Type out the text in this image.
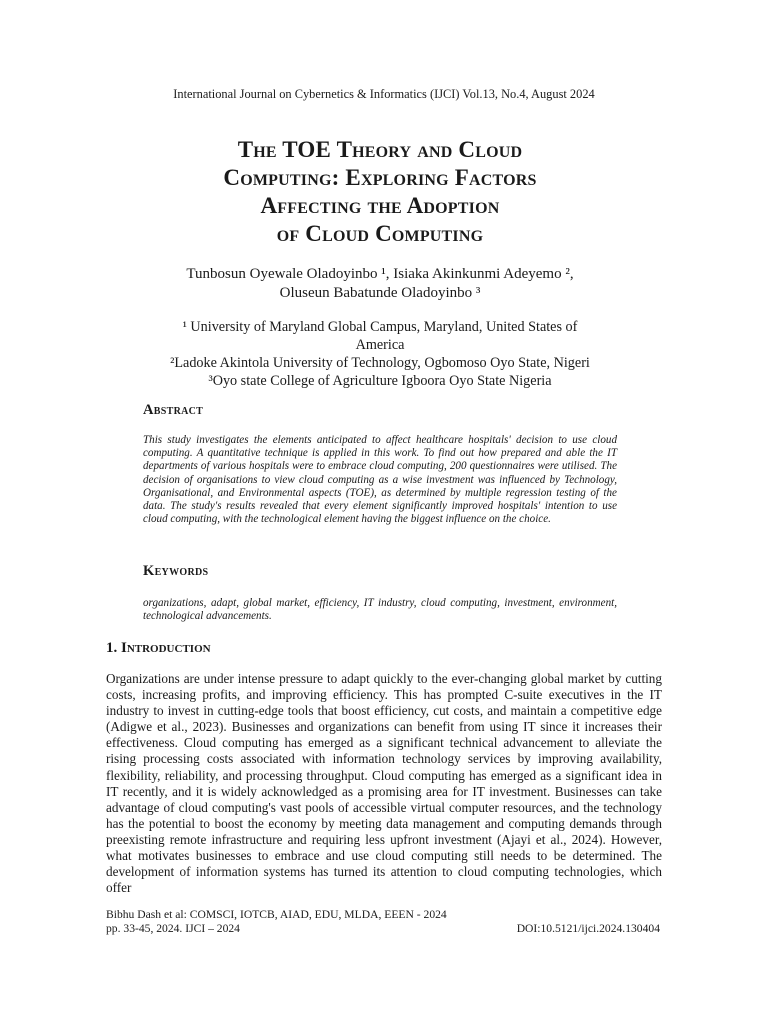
International Journal on Cybernetics & Informatics (IJCI) Vol.13, No.4, August 2024
The TOE Theory and Cloud
Computing: Exploring Factors
Affecting the Adoption
of Cloud Computing
Tunbosun Oyewale Oladoyinbo ¹, Isiaka Akinkunmi Adeyemo ²,
Oluseun Babatunde Oladoyinbo ³
¹ University of Maryland Global Campus, Maryland, United States of
America
²Ladoke Akintola University of Technology, Ogbomoso Oyo State, Nigeri
³Oyo state College of Agriculture Igboora Oyo State Nigeria
Abstract
This study investigates the elements anticipated to affect healthcare hospitals' decision to use cloud computing. A quantitative technique is applied in this work. To find out how prepared and able the IT departments of various hospitals were to embrace cloud computing, 200 questionnaires were utilised. The decision of organisations to view cloud computing as a wise investment was influenced by Technology, Organisational, and Environmental aspects (TOE), as determined by multiple regression testing of the data. The study's results revealed that every element significantly improved hospitals' intention to use cloud computing, with the technological element having the biggest influence on the choice.
Keywords
organizations, adapt, global market, efficiency, IT industry, cloud computing, investment, environment, technological advancements.
1. Introduction
Organizations are under intense pressure to adapt quickly to the ever-changing global market by cutting costs, increasing profits, and improving efficiency. This has prompted C-suite executives in the IT industry to invest in cutting-edge tools that boost efficiency, cut costs, and maintain a competitive edge (Adigwe et al., 2023). Businesses and organizations can benefit from using IT since it increases their effectiveness. Cloud computing has emerged as a significant technical advancement to alleviate the rising processing costs associated with information technology services by improving availability, flexibility, reliability, and processing throughput. Cloud computing has emerged as a significant idea in IT recently, and it is widely acknowledged as a promising area for IT investment. Businesses can take advantage of cloud computing's vast pools of accessible virtual computer resources, and the technology has the potential to boost the economy by meeting data management and computing demands through preexisting remote infrastructure and requiring less upfront investment (Ajayi et al., 2024). However, what motivates businesses to embrace and use cloud computing still needs to be determined. The development of information systems has turned its attention to cloud computing technologies, which offer
Bibhu Dash et al: COMSCI, IOTCB, AIAD, EDU, MLDA, EEEN - 2024
pp. 33-45, 2024. IJCI – 2024	DOI:10.5121/ijci.2024.130404
